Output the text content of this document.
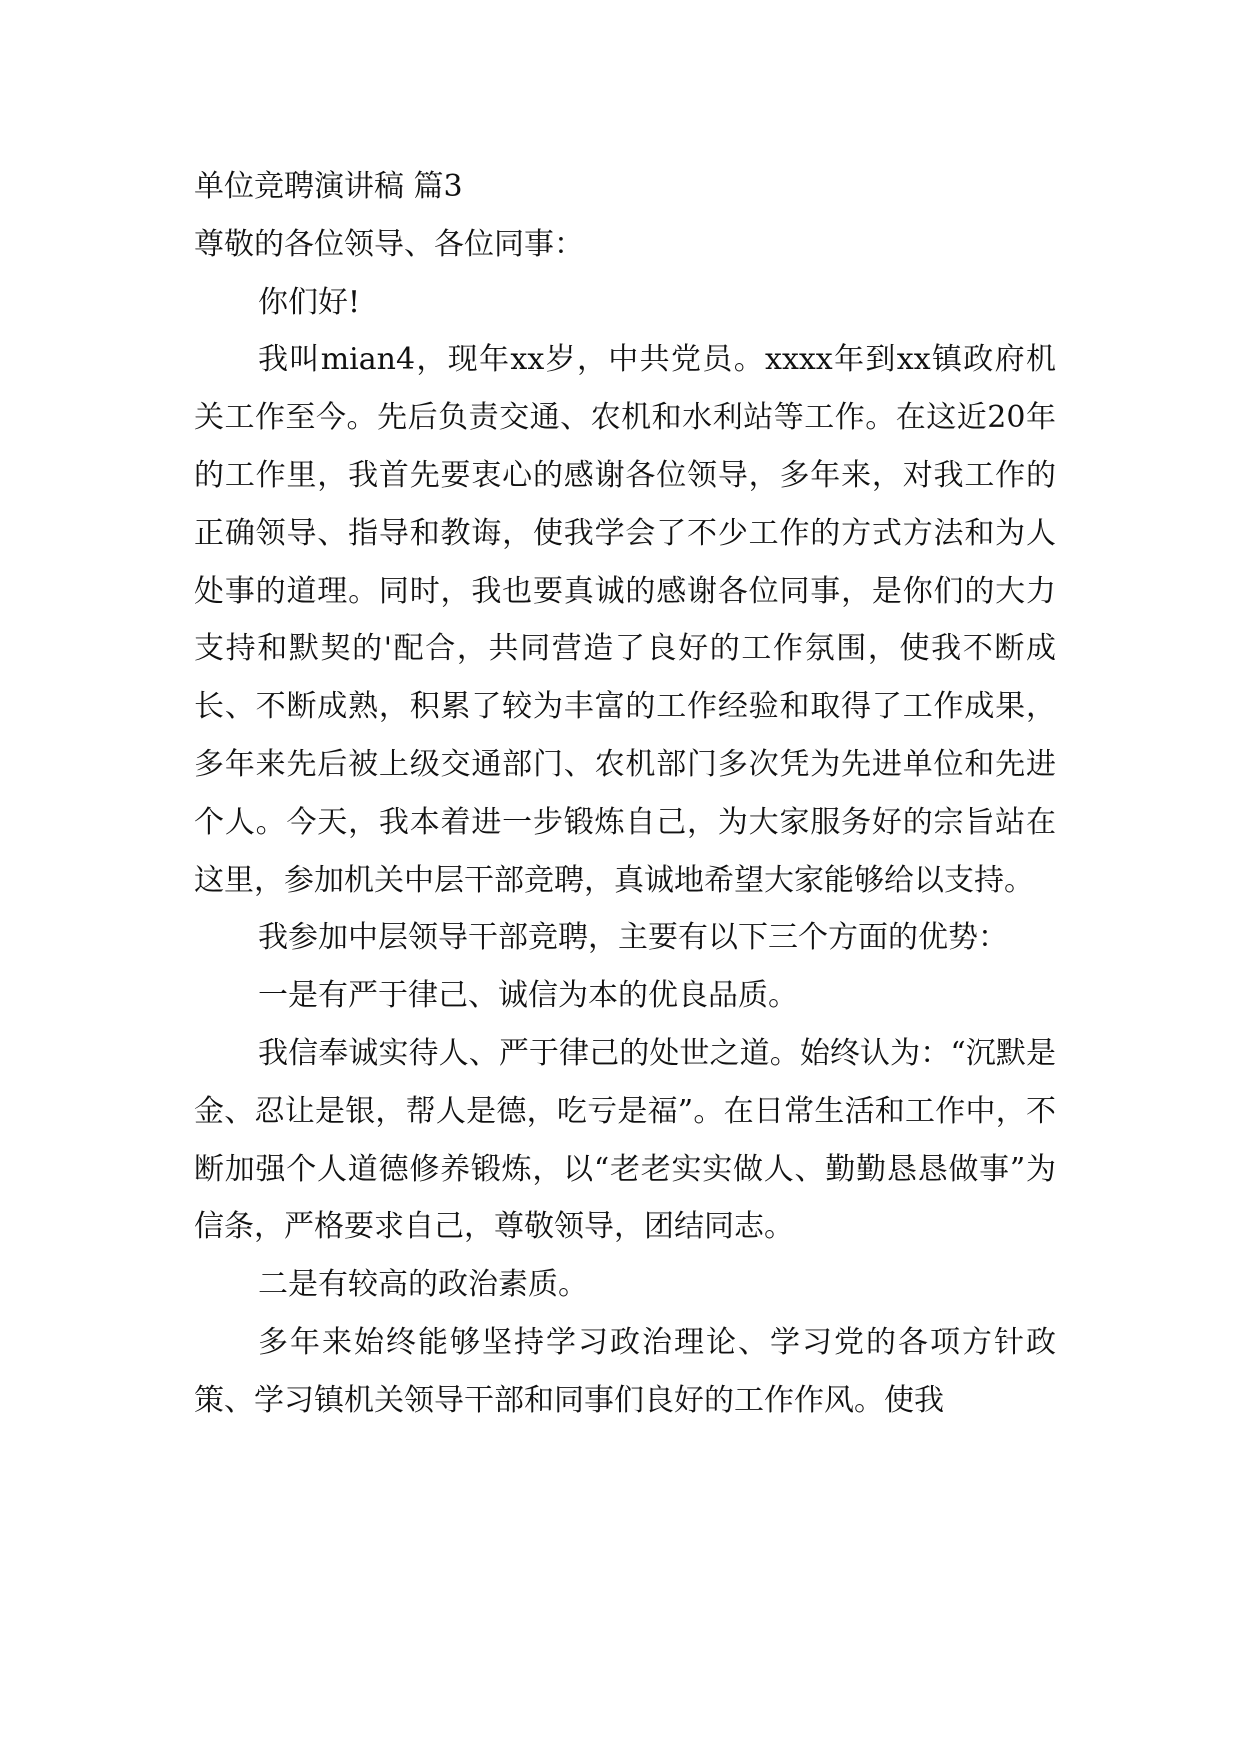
单位竞聘演讲稿 篇3
尊敬的各位领导、各位同事：
你们好!

我叫mian4，现年xx岁，中共党员。xxxx年到xx镇政府机关工作至今。先后负责交通、农机和水利站等工作。在这近20年的工作里，我首先要衷心的感谢各位领导，多年来，对我工作的正确领导、指导和教诲，使我学会了不少工作的方式方法和为人处事的道理。同时，我也要真诚的感谢各位同事，是你们的大力支持和默契的'配合，共同营造了良好的工作氛围，使我不断成长、不断成熟，积累了较为丰富的工作经验和取得了工作成果，多年来先后被上级交通部门、农机部门多次凭为先进单位和先进个人。今天，我本着进一步锻炼自己，为大家服务好的宗旨站在这里，参加机关中层干部竞聘，真诚地希望大家能够给以支持。

我参加中层领导干部竞聘，主要有以下三个方面的优势：

一是有严于律己、诚信为本的优良品质。

我信奉诚实待人、严于律己的处世之道。始终认为：“沉默是金、忍让是银，帮人是德，吃亏是福”。在日常生活和工作中，不断加强个人道德修养锻炼，以“老老实实做人、勤勤恳恳做事”为信条，严格要求自己，尊敬领导，团结同志。

二是有较高的政治素质。

多年来始终能够坚持学习政治理论、学习党的各项方针政策、学习镇机关领导干部和同事们良好的工作作风。使我
